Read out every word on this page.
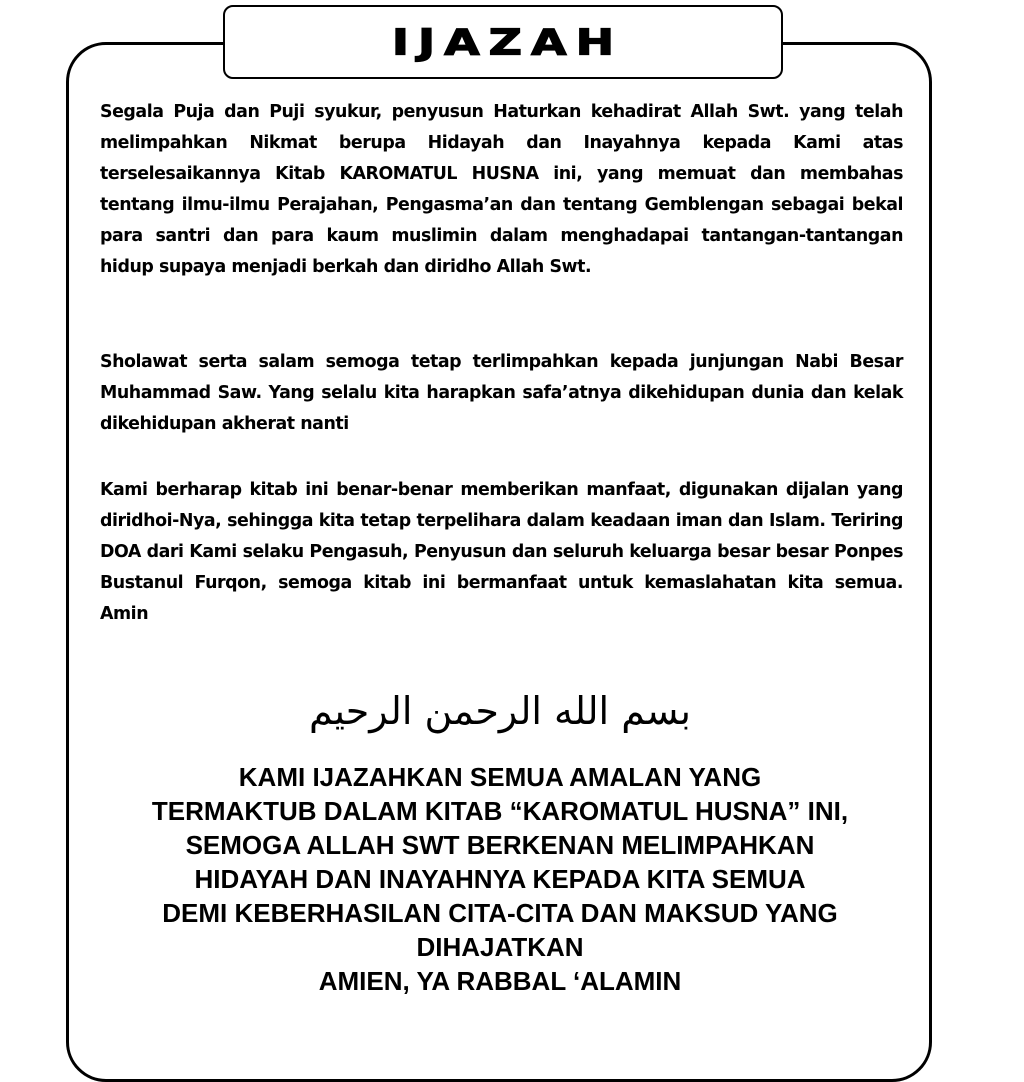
IJAZAH

Segala Puja dan Puji syukur, penyusun Haturkan kehadirat Allah Swt. yang telah melimpahkan Nikmat berupa Hidayah dan Inayahnya kepada Kami atas terselesaikannya Kitab KAROMATUL HUSNA ini, yang memuat dan membahas tentang ilmu-ilmu Perajahan, Pengasma’an dan tentang Gemblengan sebagai bekal para santri dan para kaum muslimin dalam menghadapai tantangan-tantangan hidup supaya menjadi berkah dan diridho Allah Swt.

Sholawat serta salam semoga tetap terlimpahkan kepada junjungan Nabi Besar Muhammad Saw. Yang selalu kita harapkan safa’atnya dikehidupan dunia dan kelak dikehidupan akherat nanti

Kami berharap kitab ini benar-benar memberikan manfaat, digunakan dijalan yang diridhoi-Nya, sehingga kita tetap terpelihara dalam keadaan iman dan Islam. Teriring DOA dari Kami selaku Pengasuh, Penyusun dan seluruh keluarga besar besar Ponpes Bustanul Furqon, semoga kitab ini bermanfaat untuk kemaslahatan kita semua. Amin

بسم الله الرحمن الرحيم

KAMI IJAZAHKAN SEMUA AMALAN YANG
TERMAKTUB DALAM KITAB “KAROMATUL HUSNA” INI,
SEMOGA ALLAH SWT BERKENAN MELIMPAHKAN
HIDAYAH DAN INAYAHNYA KEPADA KITA SEMUA
DEMI KEBERHASILAN CITA-CITA DAN MAKSUD YANG
DIHAJATKAN
AMIEN, YA RABBAL ‘ALAMIN
